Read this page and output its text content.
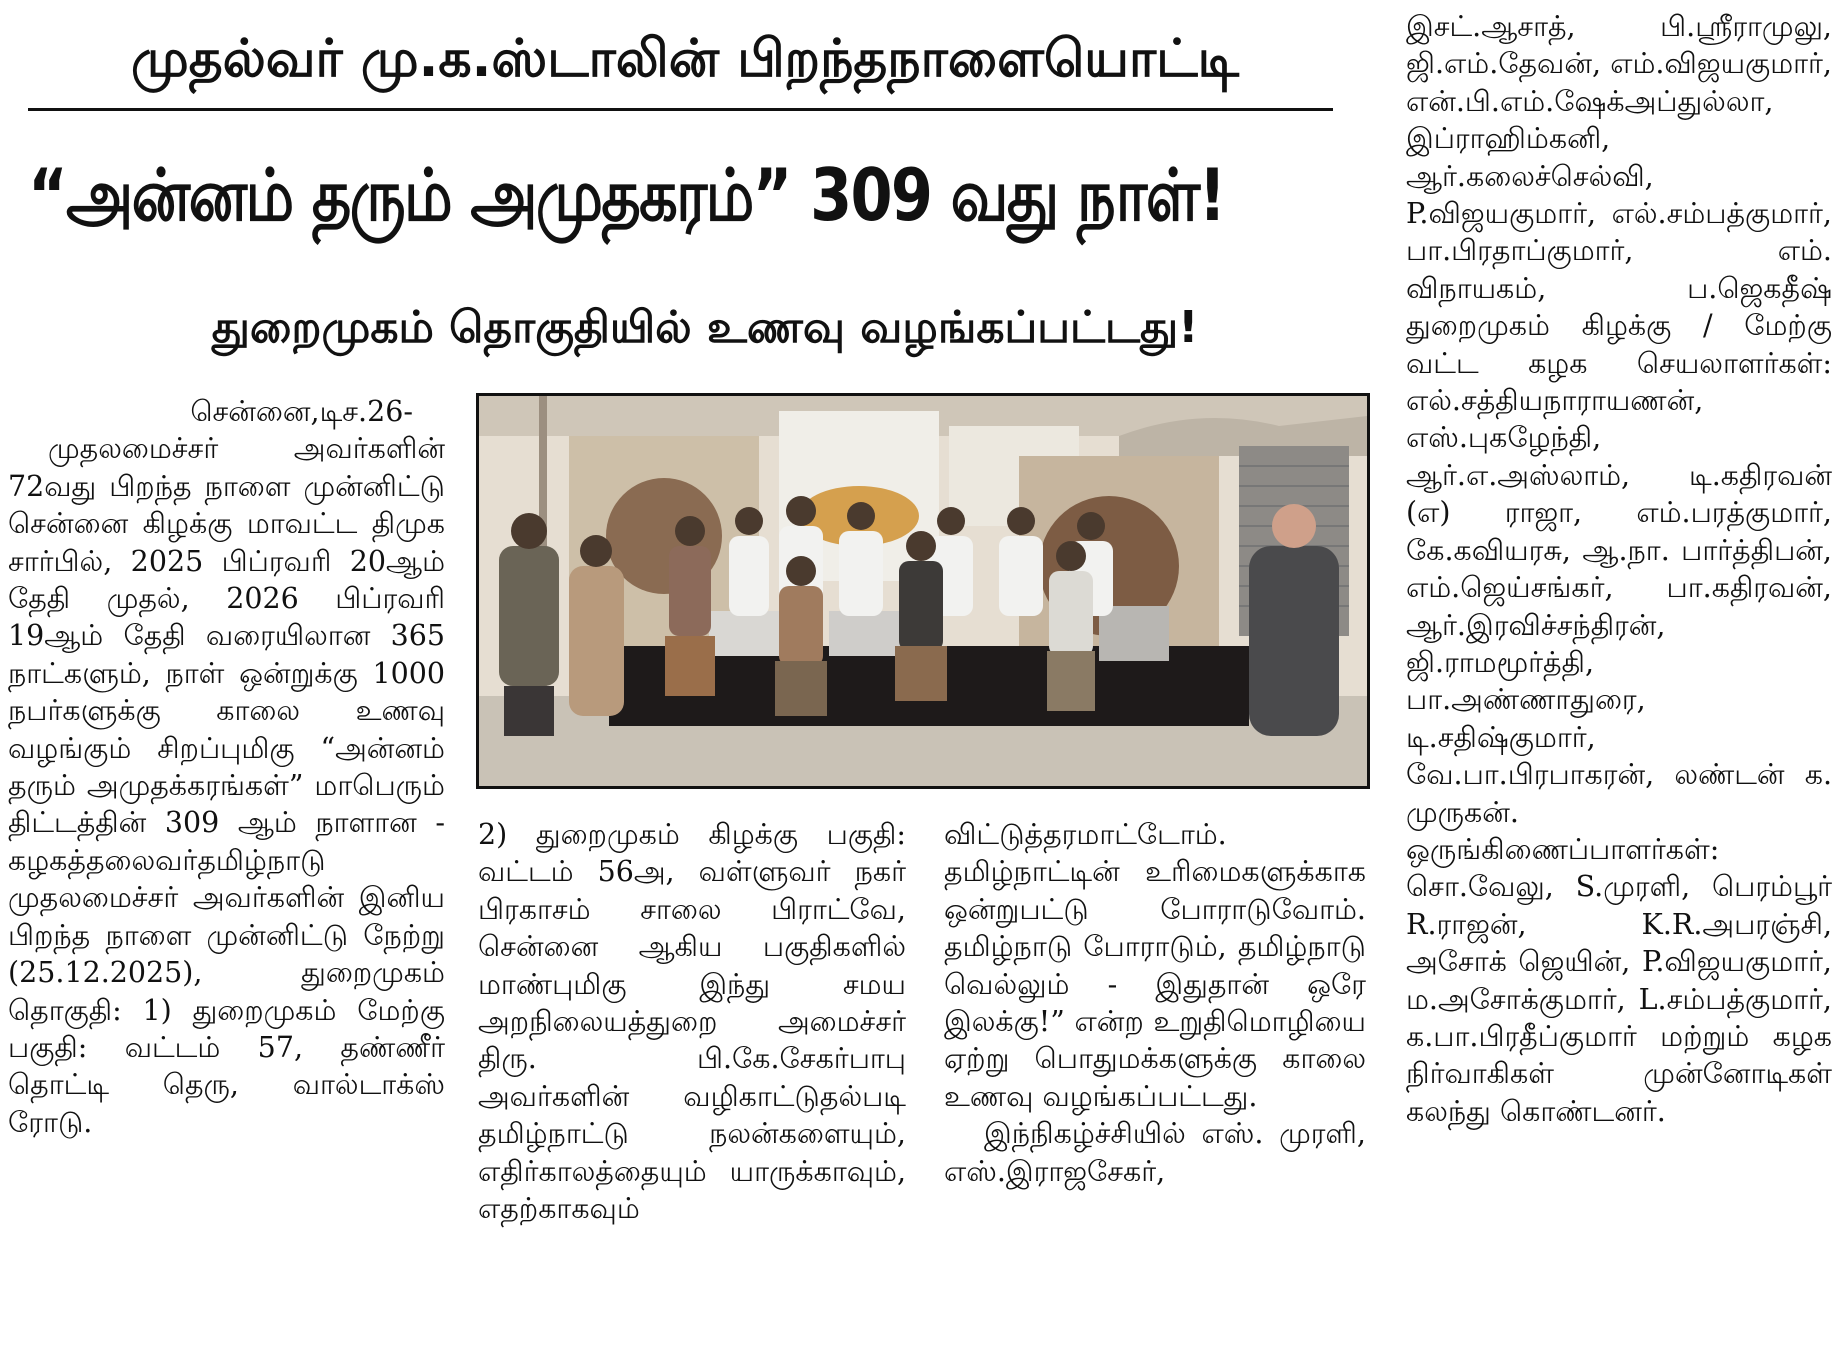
முதல்வர் மு.க.ஸ்டாலின் பிறந்தநாளையொட்டி
“அன்னம் தரும் அமுதகரம்” 309 வது நாள்!
துறைமுகம் தொகுதியில் உணவு வழங்கப்பட்டது!

சென்னை,டிச.26-

முதலமைச்சர் அவர்களின் 72வது பிறந்த நாளை முன்னிட்டு சென்னை கிழக்கு மாவட்ட திமுக சார்பில், 2025 பிப்ரவரி 20ஆம் தேதி முதல், 2026 பிப்ரவரி 19ஆம் தேதி வரையிலான 365 நாட்களும், நாள் ஒன்றுக்கு 1000 நபர்களுக்கு காலை உணவு வழங்கும் சிறப்புமிகு “அன்னம் தரும் அமுதக்கரங்கள்” மாபெரும் திட்டத்தின் 309 ஆம் நாளான - கழகத்தலைவர்தமிழ்நாடு முதலமைச்சர் அவர்களின் இனிய பிறந்த நாளை முன்னிட்டு நேற்று (25.12.2025), துறைமுகம் தொகுதி: 1) துறைமுகம் மேற்கு பகுதி: வட்டம் 57, தண்ணீர் தொட்டி தெரு, வால்டாக்ஸ் ரோடு.

2) துறைமுகம் கிழக்கு பகுதி: வட்டம் 56அ, வள்ளுவர் நகர் பிரகாசம் சாலை பிராட்வே, சென்னை ஆகிய பகுதிகளில் மாண்புமிகு இந்து சமய அறநிலையத்துறை அமைச்சர் திரு. பி.கே.சேகர்பாபு அவர்களின் வழிகாட்டுதல்படி தமிழ்நாட்டு நலன்களையும், எதிர்காலத்தையும் யாருக்காவும், எதற்காகவும்

விட்டுத்தரமாட்டோம். தமிழ்நாட்டின் உரிமைகளுக்காக ஒன்றுபட்டு போராடுவோம். தமிழ்நாடு போராடும், தமிழ்நாடு வெல்லும் - இதுதான் ஒரே இலக்கு!” என்ற உறுதிமொழியை ஏற்று பொதுமக்களுக்கு காலை உணவு வழங்கப்பட்டது.

இந்நிகழ்ச்சியில் எஸ். முரளி, எஸ்.இராஜசேகர்,

இசட்.ஆசாத், பி.ஸ்ரீராமுலு, ஜி.எம்.தேவன், எம்.விஜயகுமார், என்.பி.எம்.ஷேக்அப்துல்லா, இப்ராஹிம்கனி, ஆர்.கலைச்செல்வி, P.விஜயகுமார், எல்.சம்பத்குமார், பா.பிரதாப்குமார், எம். விநாயகம், ப.ஜெகதீஷ் துறைமுகம் கிழக்கு / மேற்கு வட்ட கழக செயலாளர்கள்: எல்.சத்தியநாராயணன், எஸ்.புகழேந்தி, ஆர்.எ.அஸ்லாம், டி.கதிரவன் (எ) ராஜா, எம்.பரத்குமார், கே.கவியரசு, ஆ.நா. பார்த்திபன், எம்.ஜெய்சங்கர், பா.கதிரவன், ஆர்.இரவிச்சந்திரன், ஜி.ராமமூர்த்தி, பா.அண்ணாதுரை, டி.சதிஷ்குமார், வே.பா.பிரபாகரன், லண்டன் க. முருகன். ஒருங்கிணைப்பாளர்கள்: சொ.வேலு, S.முரளி, பெரம்பூர் R.ராஜன், K.R.அபரஞ்சி, அசோக் ஜெயின், P.விஜயகுமார், ம.அசோக்குமார், L.சம்பத்குமார், க.பா.பிரதீப்குமார் மற்றும் கழக நிர்வாகிகள் முன்னோடிகள் கலந்து கொண்டனர்.
